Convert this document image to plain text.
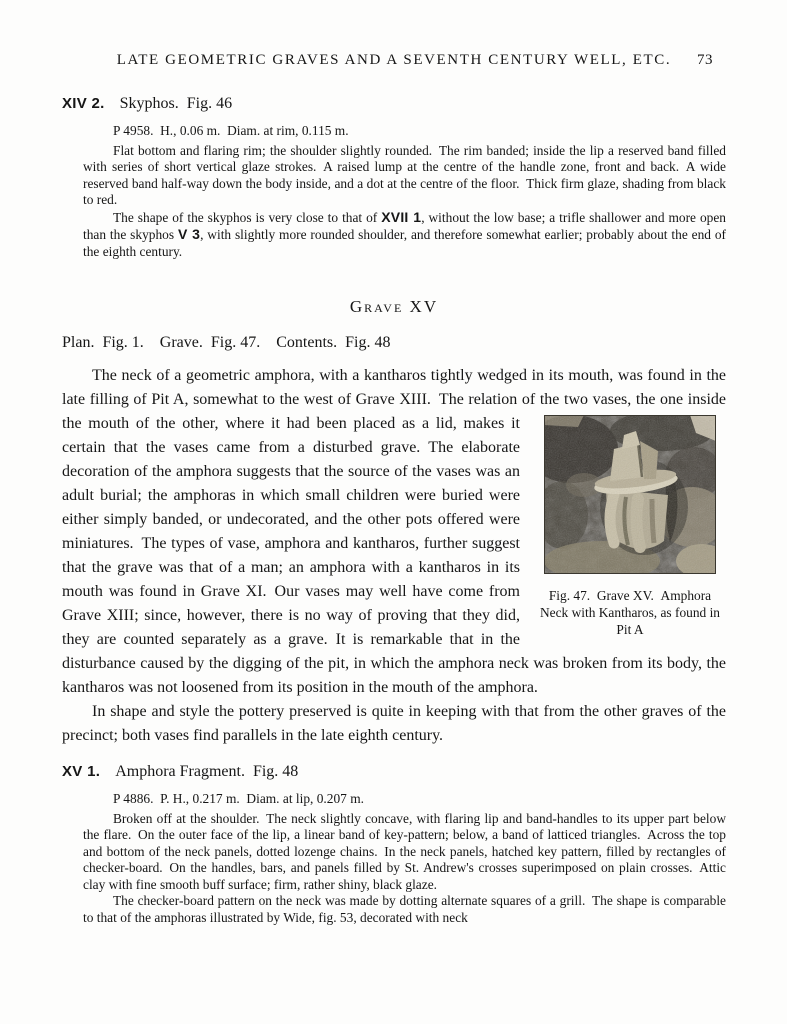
LATE GEOMETRIC GRAVES AND A SEVENTH CENTURY WELL, ETC. 73

XIV 2. Skyphos. Fig. 46

P 4958. H., 0.06 m. Diam. at rim, 0.115 m.

Flat bottom and flaring rim; the shoulder slightly rounded. The rim banded; inside the lip a reserved band filled with series of short vertical glaze strokes. A raised lump at the centre of the handle zone, front and back. A wide reserved band half-way down the body inside, and a dot at the centre of the floor. Thick firm glaze, shading from black to red.

The shape of the skyphos is very close to that of XVII 1, without the low base; a trifle shallower and more open than the skyphos V 3, with slightly more rounded shoulder, and therefore somewhat earlier; probably about the end of the eighth century.

Grave XV

Plan. Fig. 1. Grave. Fig. 47. Contents. Fig. 48

The neck of a geometric amphora, with a kantharos tightly wedged in its mouth, was found in the late filling of Pit A, somewhat to the west of Grave XIII. The relation of the
Fig. 47. Grave XV. Amphora Neck with Kantharos, as found in Pit A
two vases, the one inside the mouth of the other, where it had been placed as a lid, makes it certain that the vases came from a disturbed grave. The elaborate decoration of the amphora suggests that the source of the vases was an adult burial; the amphoras in which small children were buried were either simply banded, or undecorated, and the other pots offered were miniatures. The types of vase, amphora and kantharos, further suggest that the grave was that of a man; an amphora with a kantharos in its mouth was found in Grave XI. Our vases may well have come from Grave XIII; since, however, there is no way of proving that they did, they are counted separately as a grave. It is remarkable that in the disturbance caused by the digging of the pit, in which the amphora neck was broken from its body, the kantharos was not loosened from its position in the mouth of the amphora.

In shape and style the pottery preserved is quite in keeping with that from the other graves of the precinct; both vases find parallels in the late eighth century.

XV 1. Amphora Fragment. Fig. 48

P 4886. P. H., 0.217 m. Diam. at lip, 0.207 m.

Broken off at the shoulder. The neck slightly concave, with flaring lip and band-handles to its upper part below the flare. On the outer face of the lip, a linear band of key-pattern; below, a band of latticed triangles. Across the top and bottom of the neck panels, dotted lozenge chains. In the neck panels, hatched key pattern, filled by rectangles of checker-board. On the handles, bars, and panels filled by St. Andrew's crosses superimposed on plain crosses. Attic clay with fine smooth buff surface; firm, rather shiny, black glaze.

The checker-board pattern on the neck was made by dotting alternate squares of a grill. The shape is comparable to that of the amphoras illustrated by Wide, fig. 53, decorated with neck
